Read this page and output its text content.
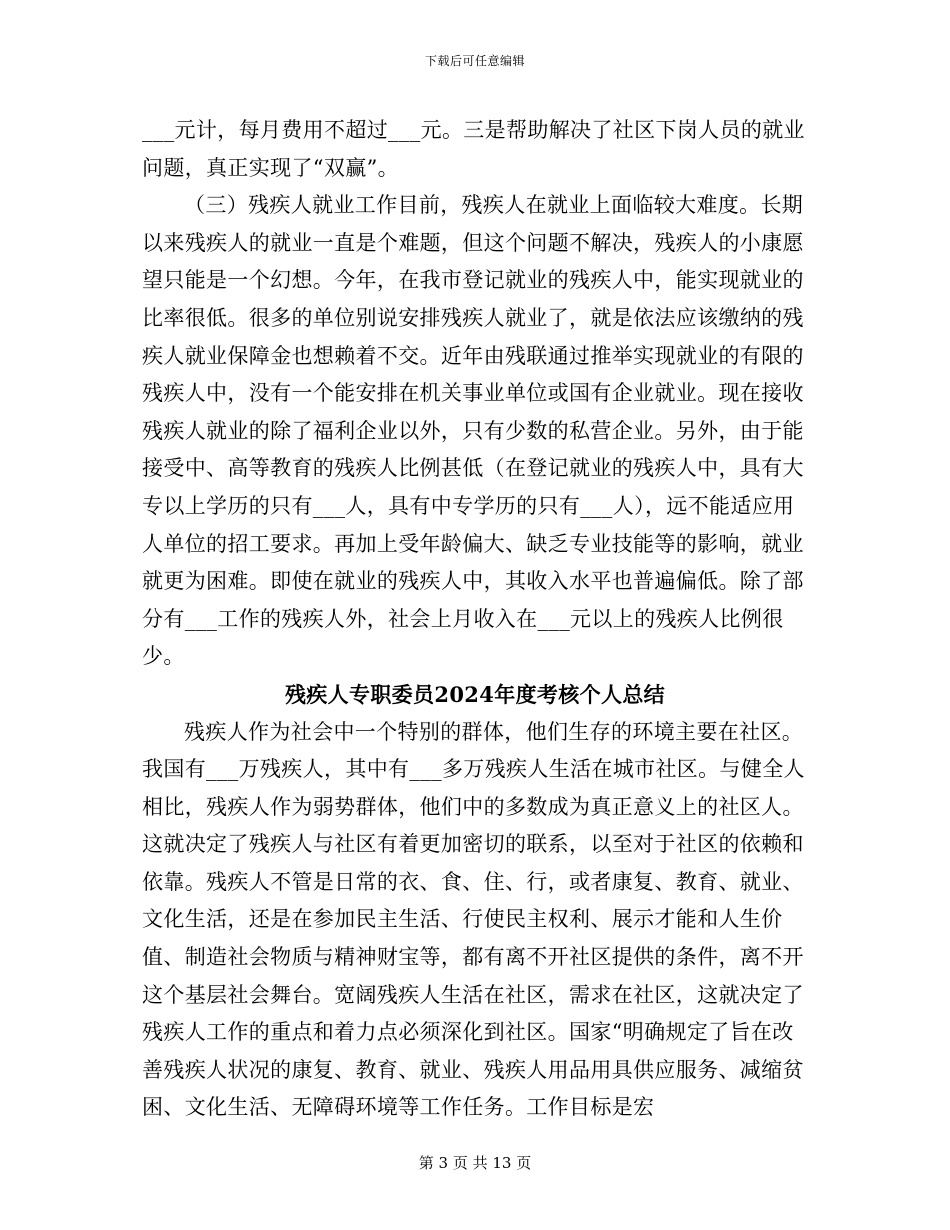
下载后可任意编辑

___元计，每月费用不超过___元。三是帮助解决了社区下岗人员的就业问题，真正实现了“双赢”。

（三）残疾人就业工作目前，残疾人在就业上面临较大难度。长期以来残疾人的就业一直是个难题，但这个问题不解决，残疾人的小康愿望只能是一个幻想。今年，在我市登记就业的残疾人中，能实现就业的比率很低。很多的单位别说安排残疾人就业了，就是依法应该缴纳的残疾人就业保障金也想赖着不交。近年由残联通过推举实现就业的有限的残疾人中，没有一个能安排在机关事业单位或国有企业就业。现在接收残疾人就业的除了福利企业以外，只有少数的私营企业。另外，由于能接受中、高等教育的残疾人比例甚低（在登记就业的残疾人中，具有大专以上学历的只有___人，具有中专学历的只有___人），远不能适应用人单位的招工要求。再加上受年龄偏大、缺乏专业技能等的影响，就业就更为困难。即使在就业的残疾人中，其收入水平也普遍偏低。除了部分有___工作的残疾人外，社会上月收入在___元以上的残疾人比例很少。

残疾人专职委员2024年度考核个人总结

残疾人作为社会中一个特别的群体，他们生存的环境主要在社区。我国有___万残疾人，其中有___多万残疾人生活在城市社区。与健全人相比，残疾人作为弱势群体，他们中的多数成为真正意义上的社区人。这就决定了残疾人与社区有着更加密切的联系，以至对于社区的依赖和依靠。残疾人不管是日常的衣、食、住、行，或者康复、教育、就业、文化生活，还是在参加民主生活、行使民主权利、展示才能和人生价值、制造社会物质与精神财宝等，都有离不开社区提供的条件，离不开这个基层社会舞台。宽阔残疾人生活在社区，需求在社区，这就决定了残疾人工作的重点和着力点必须深化到社区。国家“明确规定了旨在改善残疾人状况的康复、教育、就业、残疾人用品用具供应服务、减缩贫困、文化生活、无障碍环境等工作任务。工作目标是宏

第 3 页 共 13 页
